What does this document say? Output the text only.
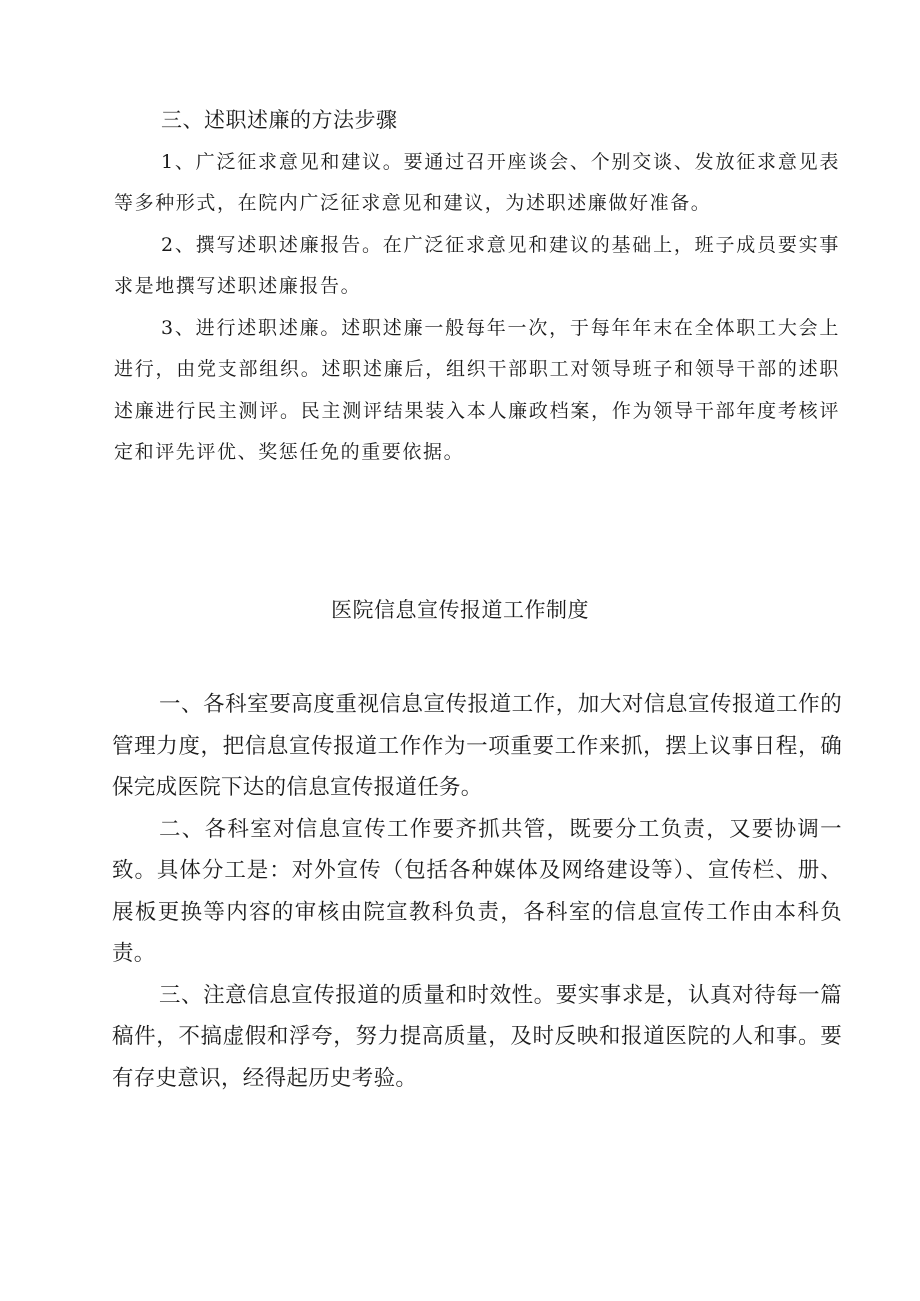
三、述职述廉的方法步骤

1、广泛征求意见和建议。要通过召开座谈会、个别交谈、发放征求意见表等多种形式，在院内广泛征求意见和建议，为述职述廉做好准备。

2、撰写述职述廉报告。在广泛征求意见和建议的基础上，班子成员要实事求是地撰写述职述廉报告。

3、进行述职述廉。述职述廉一般每年一次，于每年年末在全体职工大会上进行，由党支部组织。述职述廉后，组织干部职工对领导班子和领导干部的述职述廉进行民主测评。民主测评结果装入本人廉政档案，作为领导干部年度考核评定和评先评优、奖惩任免的重要依据。

医院信息宣传报道工作制度

一、各科室要高度重视信息宣传报道工作，加大对信息宣传报道工作的管理力度，把信息宣传报道工作作为一项重要工作来抓，摆上议事日程，确保完成医院下达的信息宣传报道任务。

二、各科室对信息宣传工作要齐抓共管，既要分工负责，又要协调一致。具体分工是：对外宣传（包括各种媒体及网络建设等）、宣传栏、册、展板更换等内容的审核由院宣教科负责，各科室的信息宣传工作由本科负责。

三、注意信息宣传报道的质量和时效性。要实事求是，认真对待每一篇稿件，不搞虚假和浮夸，努力提高质量，及时反映和报道医院的人和事。要有存史意识，经得起历史考验。
